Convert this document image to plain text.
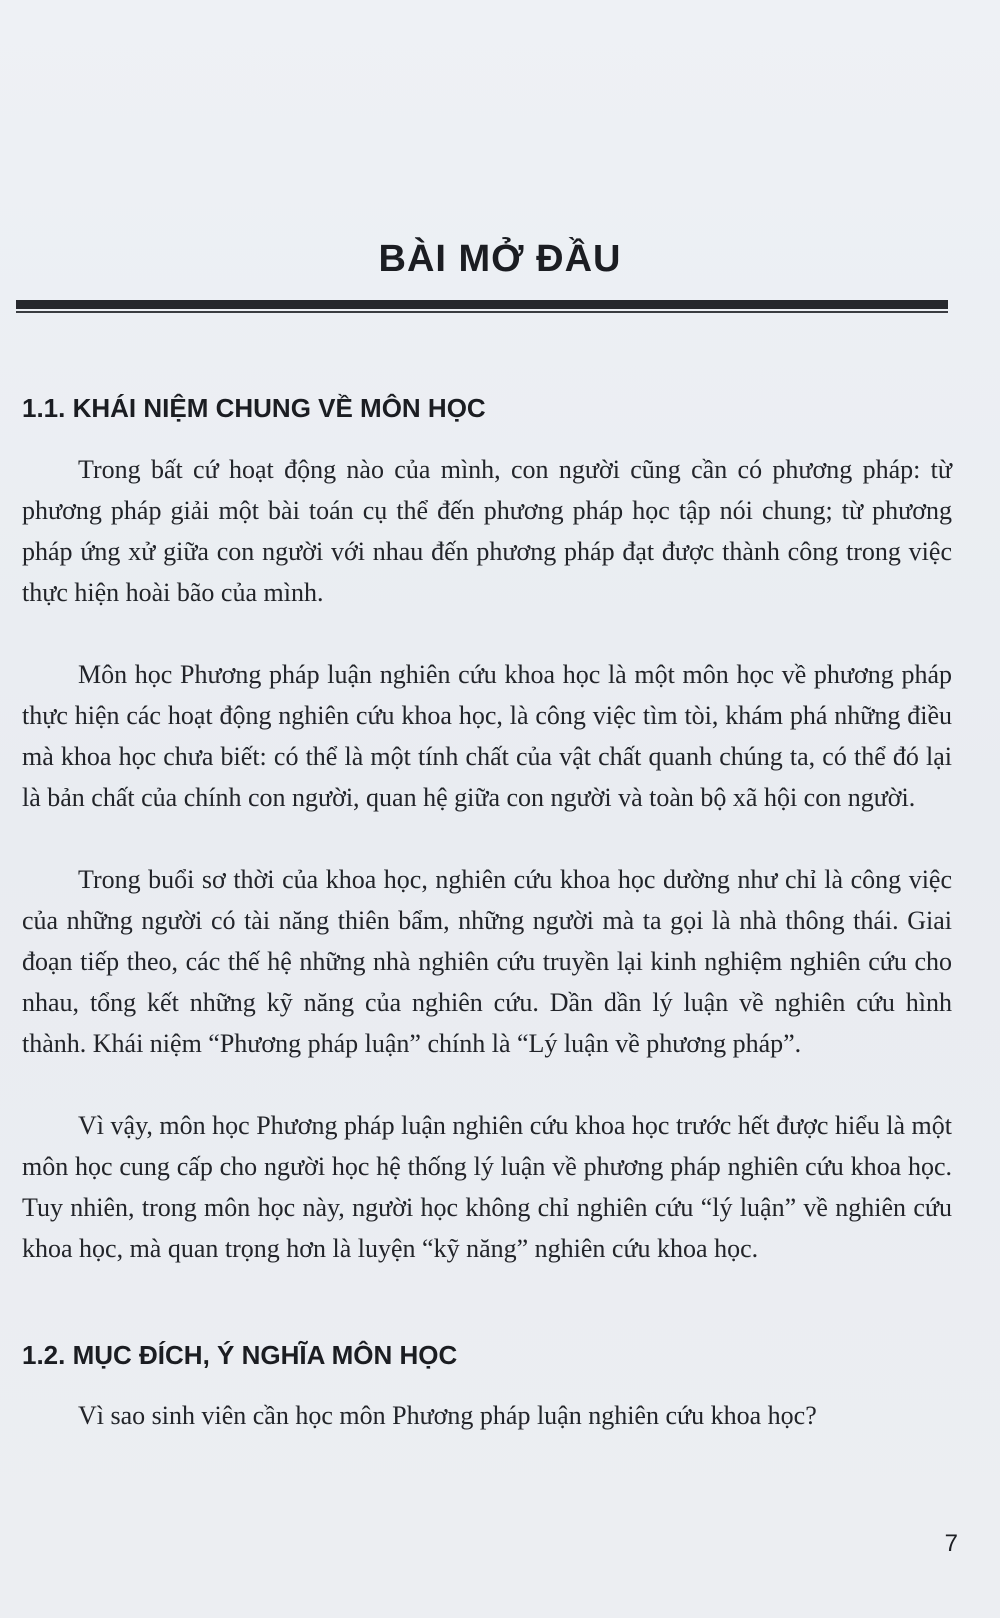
BÀI MỞ ĐẦU
1.1. KHÁI NIỆM CHUNG VỀ MÔN HỌC

Trong bất cứ hoạt động nào của mình, con người cũng cần có phương pháp: từ phương pháp giải một bài toán cụ thể đến phương pháp học tập nói chung; từ phương pháp ứng xử giữa con người với nhau đến phương pháp đạt được thành công trong việc thực hiện hoài bão của mình.

Môn học Phương pháp luận nghiên cứu khoa học là một môn học về phương pháp thực hiện các hoạt động nghiên cứu khoa học, là công việc tìm tòi, khám phá những điều mà khoa học chưa biết: có thể là một tính chất của vật chất quanh chúng ta, có thể đó lại là bản chất của chính con người, quan hệ giữa con người và toàn bộ xã hội con người.

Trong buổi sơ thời của khoa học, nghiên cứu khoa học dường như chỉ là công việc của những người có tài năng thiên bẩm, những người mà ta gọi là nhà thông thái. Giai đoạn tiếp theo, các thế hệ những nhà nghiên cứu truyền lại kinh nghiệm nghiên cứu cho nhau, tổng kết những kỹ năng của nghiên cứu. Dần dần lý luận về nghiên cứu hình thành. Khái niệm “Phương pháp luận” chính là “Lý luận về phương pháp”.

Vì vậy, môn học Phương pháp luận nghiên cứu khoa học trước hết được hiểu là một môn học cung cấp cho người học hệ thống lý luận về phương pháp nghiên cứu khoa học. Tuy nhiên, trong môn học này, người học không chỉ nghiên cứu “lý luận” về nghiên cứu khoa học, mà quan trọng hơn là luyện “kỹ năng” nghiên cứu khoa học.

1.2. MỤC ĐÍCH, Ý NGHĨA MÔN HỌC

Vì sao sinh viên cần học môn Phương pháp luận nghiên cứu khoa học?

7
